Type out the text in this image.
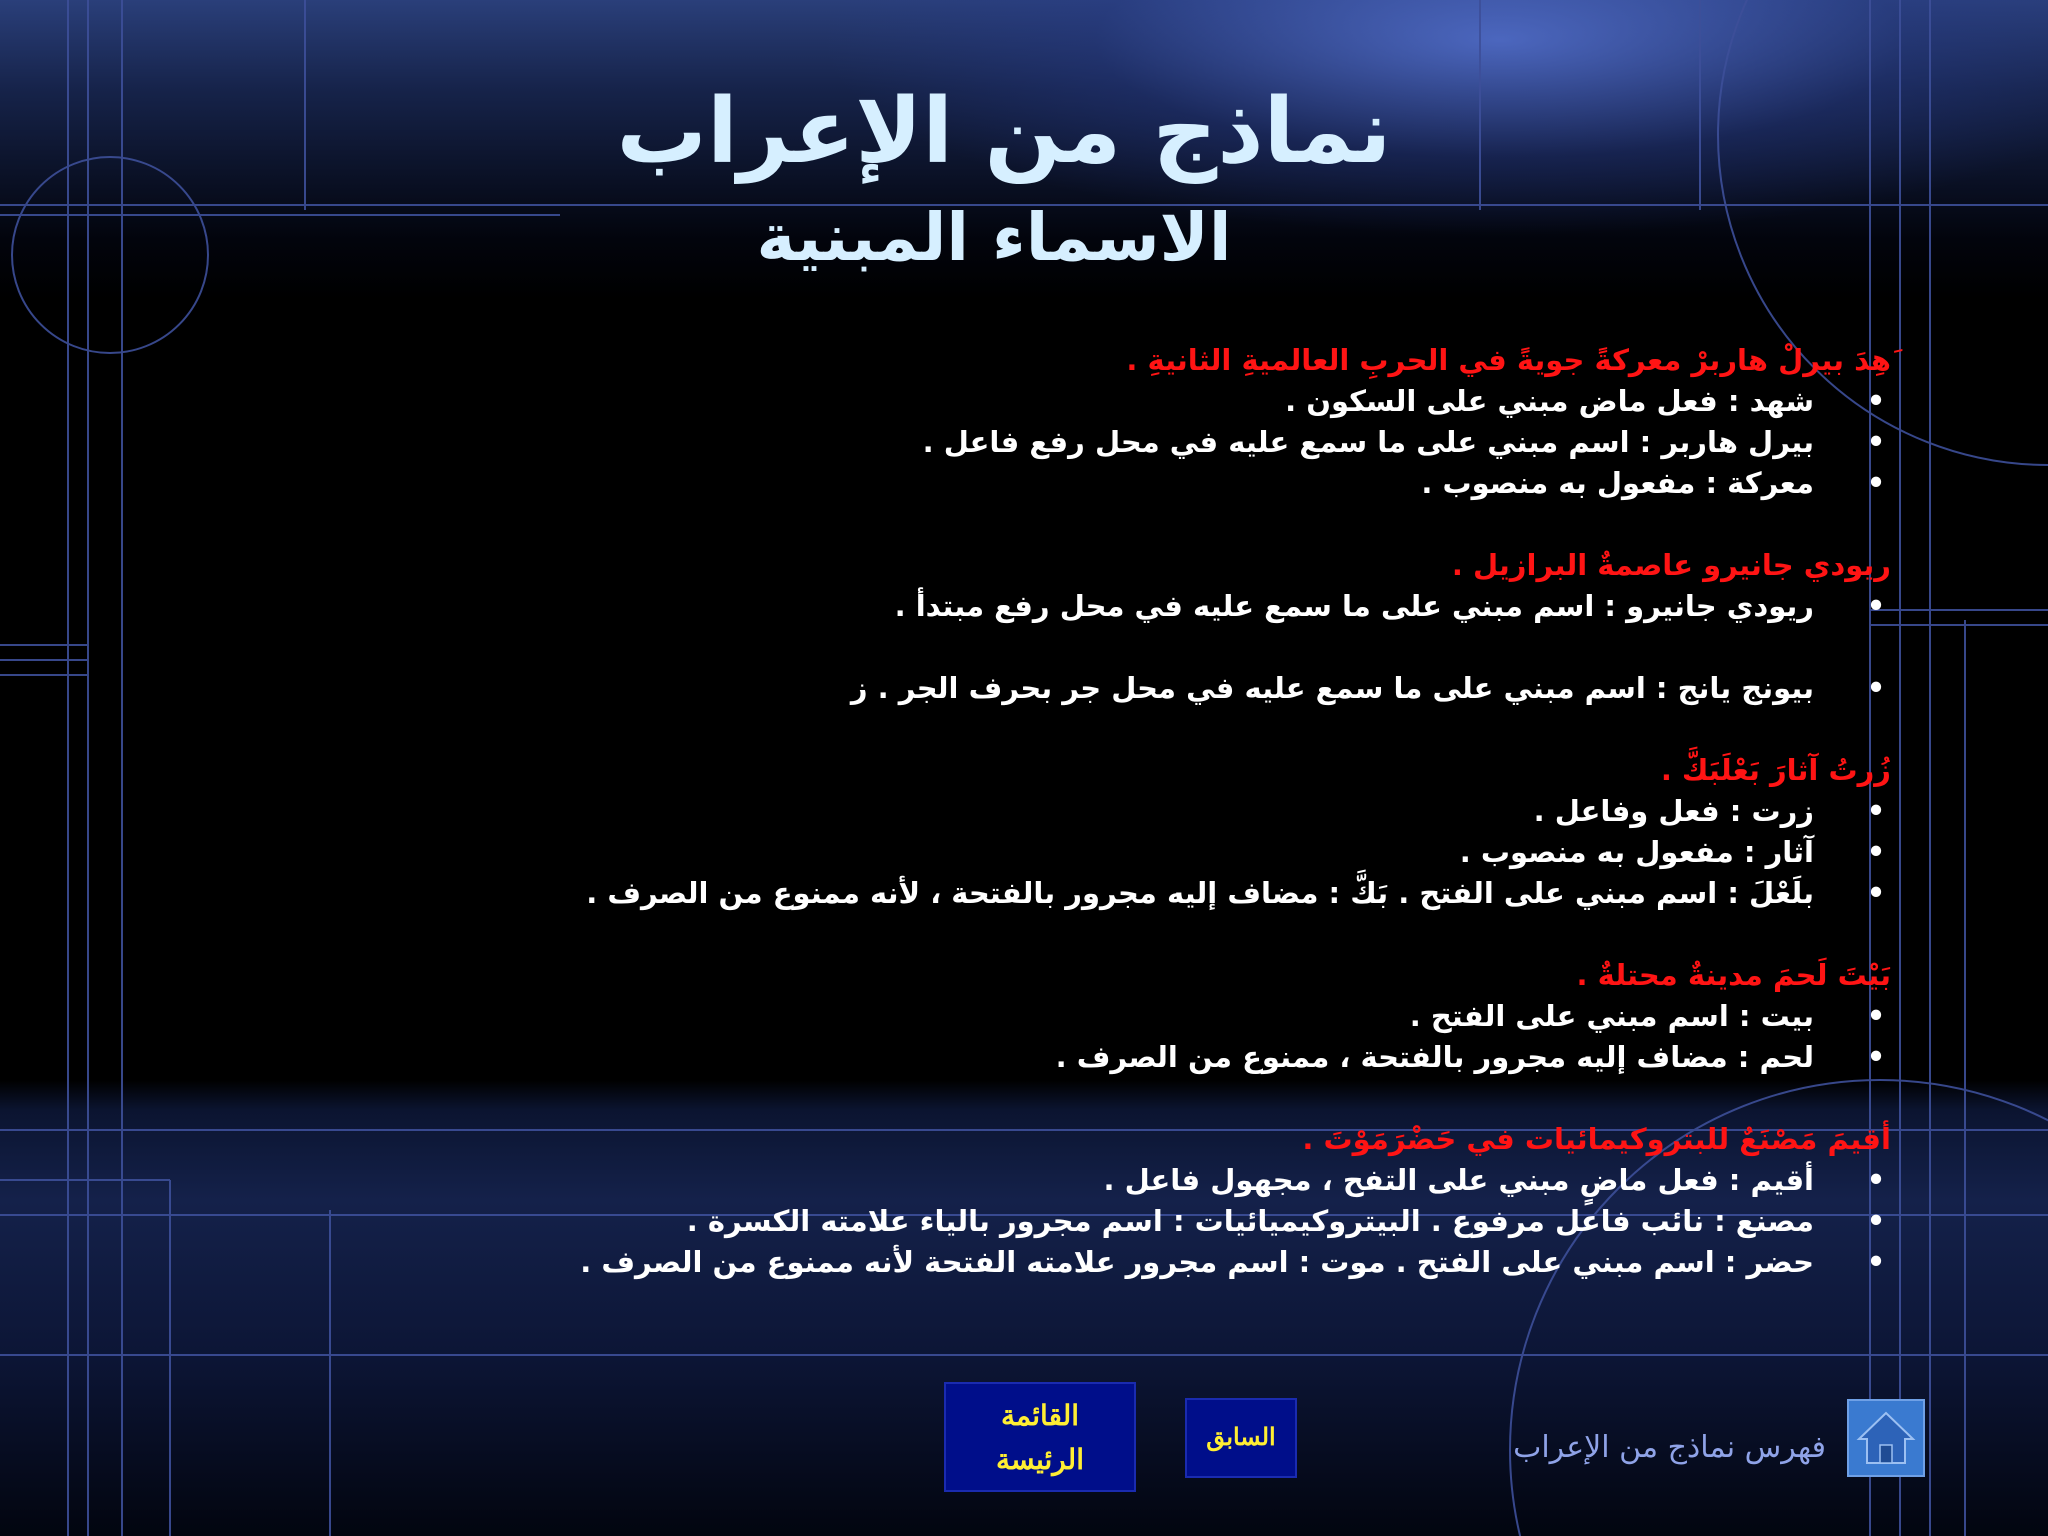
نماذج من الإعراب
الاسماء المبنية
َهِدَ بيرلْ هاربرْ معركةً جويةً في الحربِ العالميةِ الثانيةِ .
•
شهد : فعل ماض مبني على السكون .
•
بيرل هاربر : اسم مبني على ما سمع عليه في محل رفع فاعل .
•
معركة : مفعول به منصوب .
ريودي جانيرو عاصمةٌ البرازيل .
•
ريودي جانيرو : اسم مبني على ما سمع عليه في محل رفع مبتدأ .
•
بيونج يانج : اسم مبني على ما سمع عليه في محل جر بحرف الجر . ز
زُرتُ آثارَ بَعْلَبَكَّ .
•
زرت : فعل وفاعل .
•
آثار : مفعول به منصوب .
•
بلَعْلَ : اسم مبني على الفتح . بَكَّ : مضاف إليه مجرور بالفتحة ، لأنه ممنوع من الصرف .
بَيْتَ لَحمَ مدينةٌ محتلةٌ .
•
بيت : اسم مبني على الفتح .
•
لحم : مضاف إليه مجرور بالفتحة ، ممنوع من الصرف .
أقيمَ مَصْنَعٌ للبتروكيمائيات في حَضْرَمَوْتَ .
•
أقيم : فعل ماضٍ مبني على التفح ، مجهول فاعل .
•
مصنع : نائب فاعل مرفوع . البيتروكيميائيات : اسم مجرور بالياء علامته الكسرة .
•
حضر : اسم مبني على الفتح . موت : اسم مجرور علامته الفتحة لأنه ممنوع من الصرف .
القائمة
الرئيسة
السابق	فهرس نماذج من الإعراب
